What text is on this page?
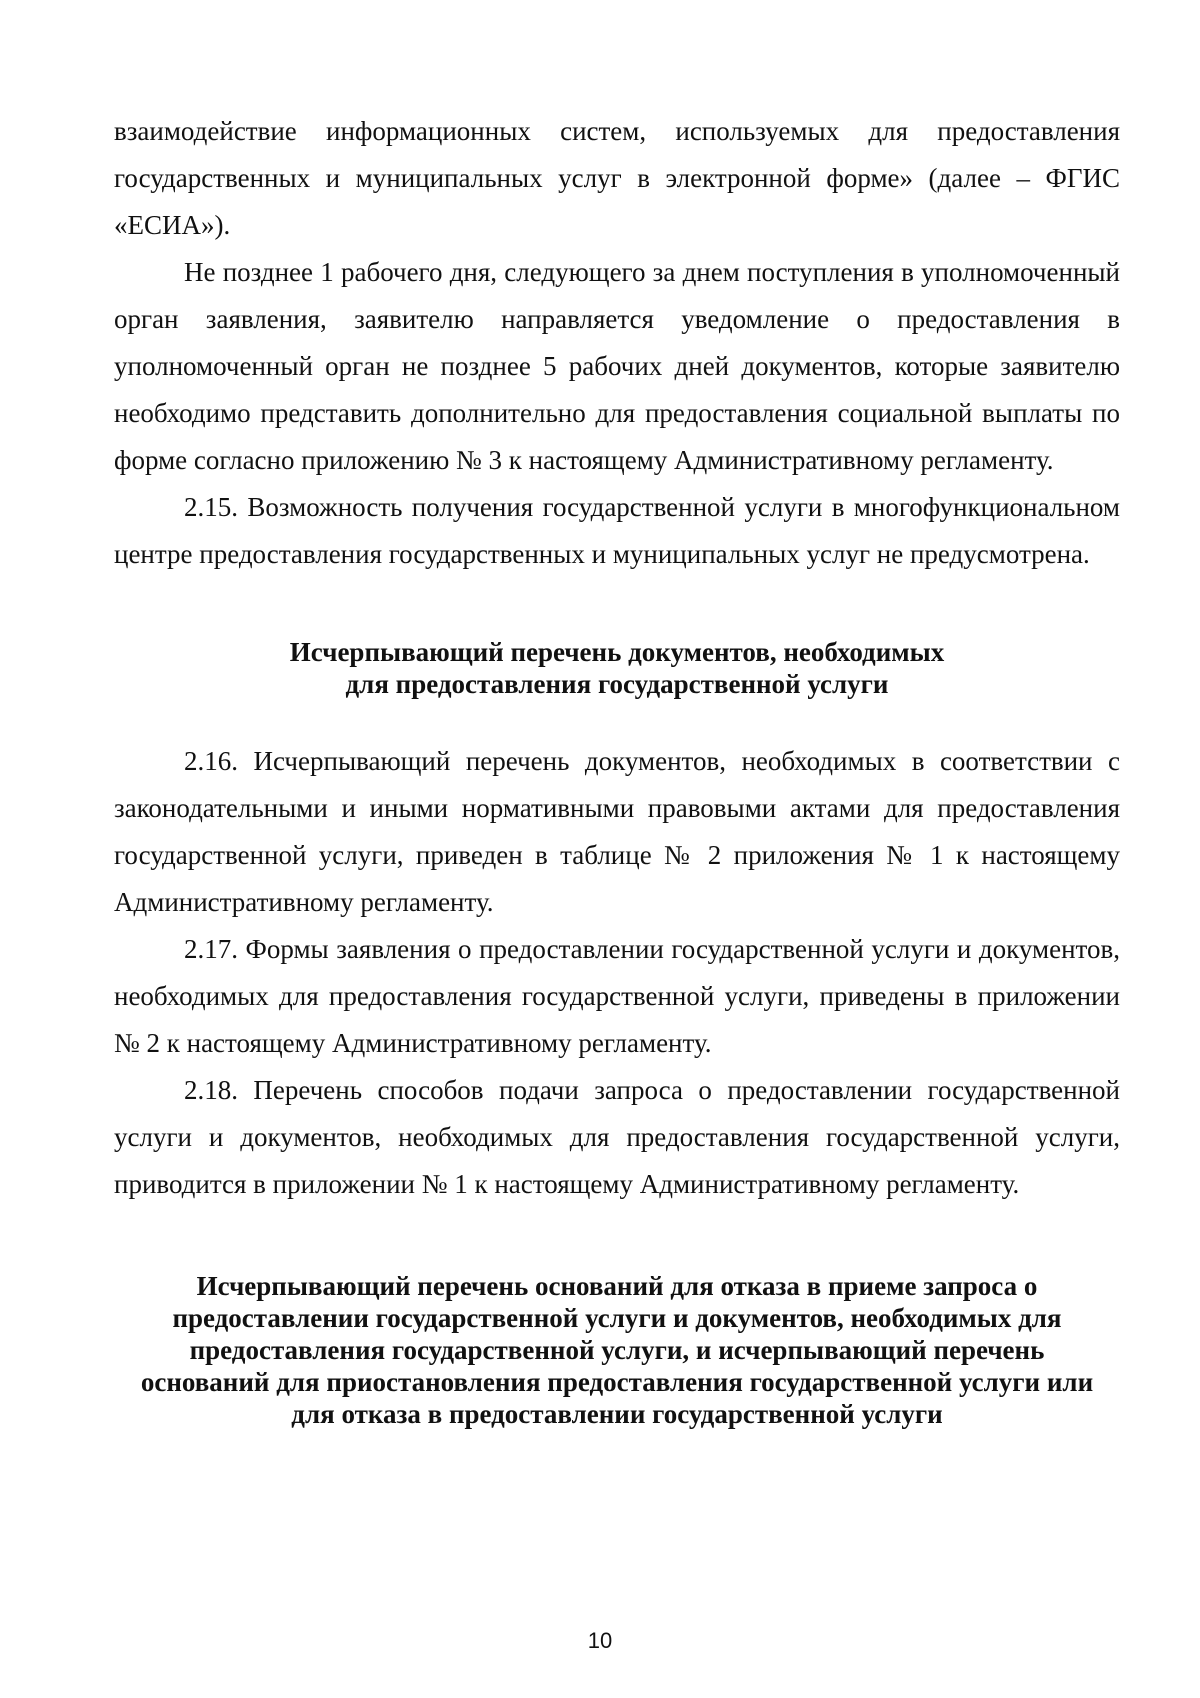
взаимодействие информационных систем, используемых для предоставления государственных и муниципальных услуг в электронной форме» (далее – ФГИС «ЕСИА»).

Не позднее 1 рабочего дня, следующего за днем поступления в уполномоченный орган заявления, заявителю направляется уведомление о предоставления в уполномоченный орган не позднее 5 рабочих дней документов, которые заявителю необходимо представить дополнительно для предоставления социальной выплаты по форме согласно приложению № 3 к настоящему Административному регламенту.

2.15. Возможность получения государственной услуги в многофункциональном центре предоставления государственных и муниципальных услуг не предусмотрена.

Исчерпывающий перечень документов, необходимых
для предоставления государственной услуги

2.16. Исчерпывающий перечень документов, необходимых в соответствии с законодательными и иными нормативными правовыми актами для предоставления государственной услуги, приведен в таблице № 2 приложения № 1 к настоящему Административному регламенту.

2.17. Формы заявления о предоставлении государственной услуги и документов, необходимых для предоставления государственной услуги, приведены в приложении № 2 к настоящему Административному регламенту.

2.18. Перечень способов подачи запроса о предоставлении государственной услуги и документов, необходимых для предоставления государственной услуги, приводится в приложении № 1 к настоящему Административному регламенту.

Исчерпывающий перечень оснований для отказа в приеме запроса о
предоставлении государственной услуги и документов, необходимых для
предоставления государственной услуги, и исчерпывающий перечень
оснований для приостановления предоставления государственной услуги или
для отказа в предоставлении государственной услуги
10
